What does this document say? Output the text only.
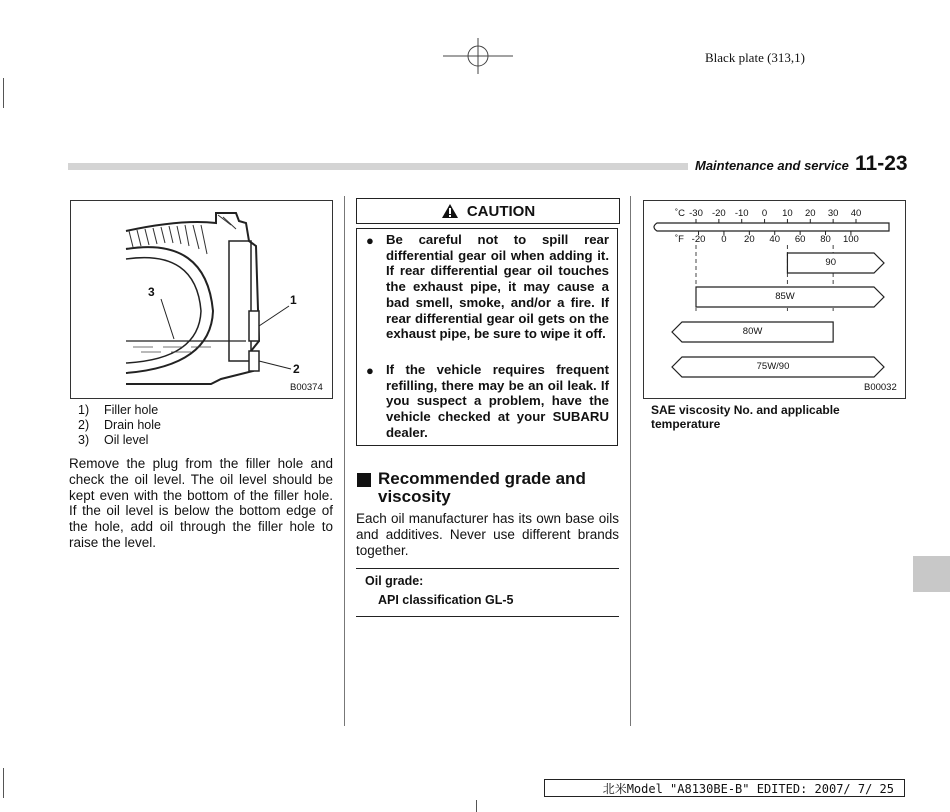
Black plate (313,1)
Maintenance and service 11-23
3
1
2
B00374
1)	Filler hole
2)	Drain hole
3)	Oil level
Remove the plug from the filler hole and check the oil level. The oil level should be kept even with the bottom of the filler hole. If the oil level is below the bottom edge of the hole, add oil through the filler hole to raise the level.
CAUTION
● Be careful not to spill rear differential gear oil when adding it. If rear differential gear oil touches the exhaust pipe, it may cause a bad smell, smoke, and/or a fire. If rear differential gear oil gets on the exhaust pipe, be sure to wipe it off.
● If the vehicle requires frequent refilling, there may be an oil leak. If you suspect a problem, have the vehicle checked at your SUBARU dealer.
Recommended grade and
viscosity
Each oil manufacturer has its own base oils and additives. Never use different brands together.
Oil grade:
API classification GL-5
˚C
˚F
-30 -20 -10	0	10	20	30	40
-20	0	20	40	60	80	100
90
85W
80W
75W/90
B00032
SAE viscosity No. and applicable temperature
北米Model "A8130BE-B" EDITED: 2007/ 7/ 25
